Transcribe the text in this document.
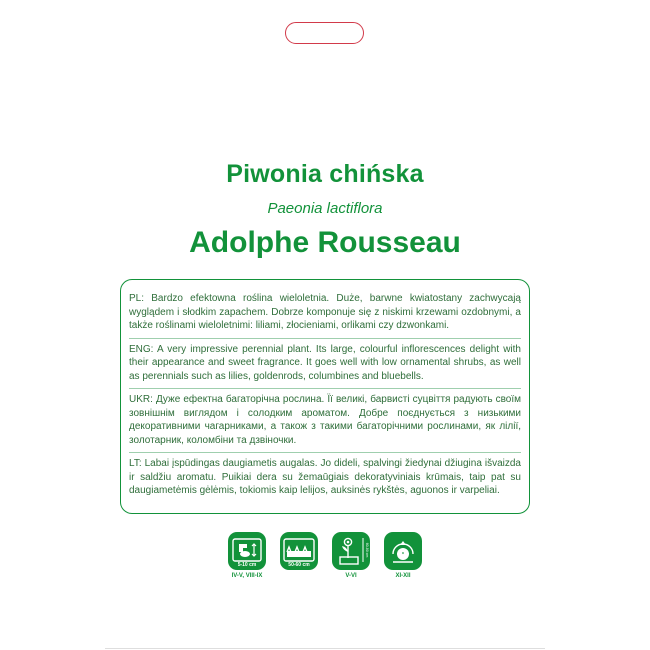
Piwonia chińska
Paeonia lactiflora
Adolphe Rousseau

PL: Bardzo efektowna roślina wieloletnia. Duże, barwne kwiatostany zachwycają wyglądem i słodkim zapachem. Dobrze komponuje się z niskimi krzewami ozdobnymi, a także roślinami wieloletnimi: liliami, złocieniami, orlikami czy dzwonkami.

ENG: A very impressive perennial plant. Its large, colourful inflorescences delight with their appearance and sweet fragrance. It goes well with low ornamental shrubs, as well as perennials such as lilies, goldenrods, columbines and bluebells.

UKR: Дуже ефектна багаторічна рослина. Її великі, барвисті суцвіття радують своїм зовнішнім виглядом і солодким ароматом. Добре поєднується з низькими декоративними чагарниками, а також з такими багаторічними рослинами, як лілії, золотарник, коломбіни та дзвіночки.

LT: Labai įspūdingas daugiametis augalas. Jo dideli, spalvingi žiedynai džiugina išvaizda ir saldžiu aromatu. Puikiai dera su žemaūgiais dekoratyviniais krūmais, taip pat su daugiametėmis gėlėmis, tokiomis kaip lelijos, auksinės rykštės, aguonos ir varpeliai.

5-10 cm
IV-V, VIII-IX
50-60 cm
60-80 cm
V-VI
*
XI-XII
